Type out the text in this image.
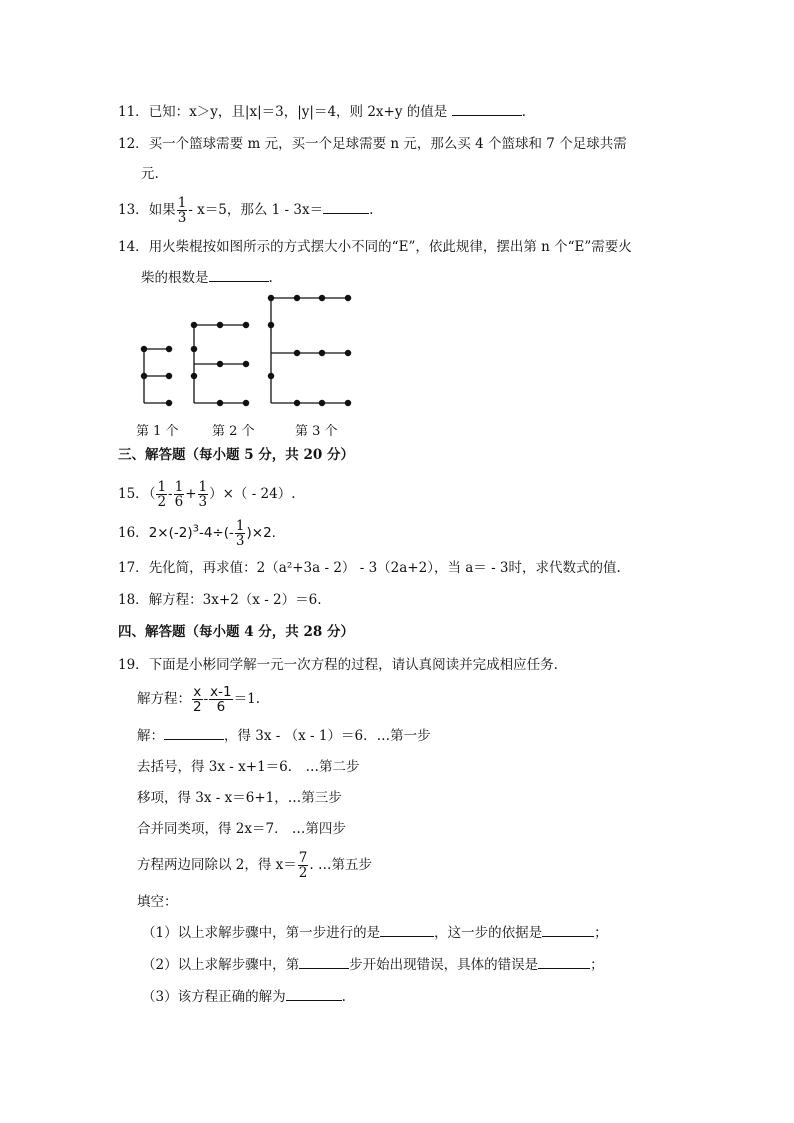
11．已知：x＞y，且|x|＝3，|y|＝4，则 2x+y 的值是	.
12．买一个篮球需要 m 元，买一个足球需要 n 元，那么买 4 个篮球和 7 个足球共需
元.
13．如果 $\frac{1}{3} - x=5$，那么 1 - 3x＝	.
14．用火柴棍按如图所示的方式摆大小不同的“E”，依此规律，摆出第 n 个“E”需要火
柴的根数是	.
第 1 个	第 2 个	第 3 个
三、解答题（每小题 5 分，共 20 分）
15．（ $\frac{1}{2} - \frac{1}{6} + \frac{1}{3}$ ）×（ - 24）.
16．$2\times(-2)^3-4\div(- \frac{1}{3} )\times 2$.
17．先化简，再求值：2（a²+3a - 2） - 3（2a+2），当 a＝ - 3时，求代数式的值.
18．解方程：3x+2（x - 2）＝6.
四、解答题（每小题 4 分，共 28 分）
19．下面是小彬同学解一元一次方程的过程，请认真阅读并完成相应任务.
解方程： $\frac{x}{2} - \frac{x-1}{6} =1$.
解：	，得 3x - （x - 1）＝6．…第一步
去括号，得 3x - x+1＝6． …第二步
移项，得 3x - x＝6+1，…第三步
合并同类项，得 2x＝7． …第四步
方程两边同除以 2，得 $x= \frac{7}{2}$ . …第五步
填空：
（1）以上求解步骤中，第一步进行的是	，这一步的依据是	；
（2）以上求解步骤中，第	步开始出现错误，具体的错误是	；
（3）该方程正确的解为	.
